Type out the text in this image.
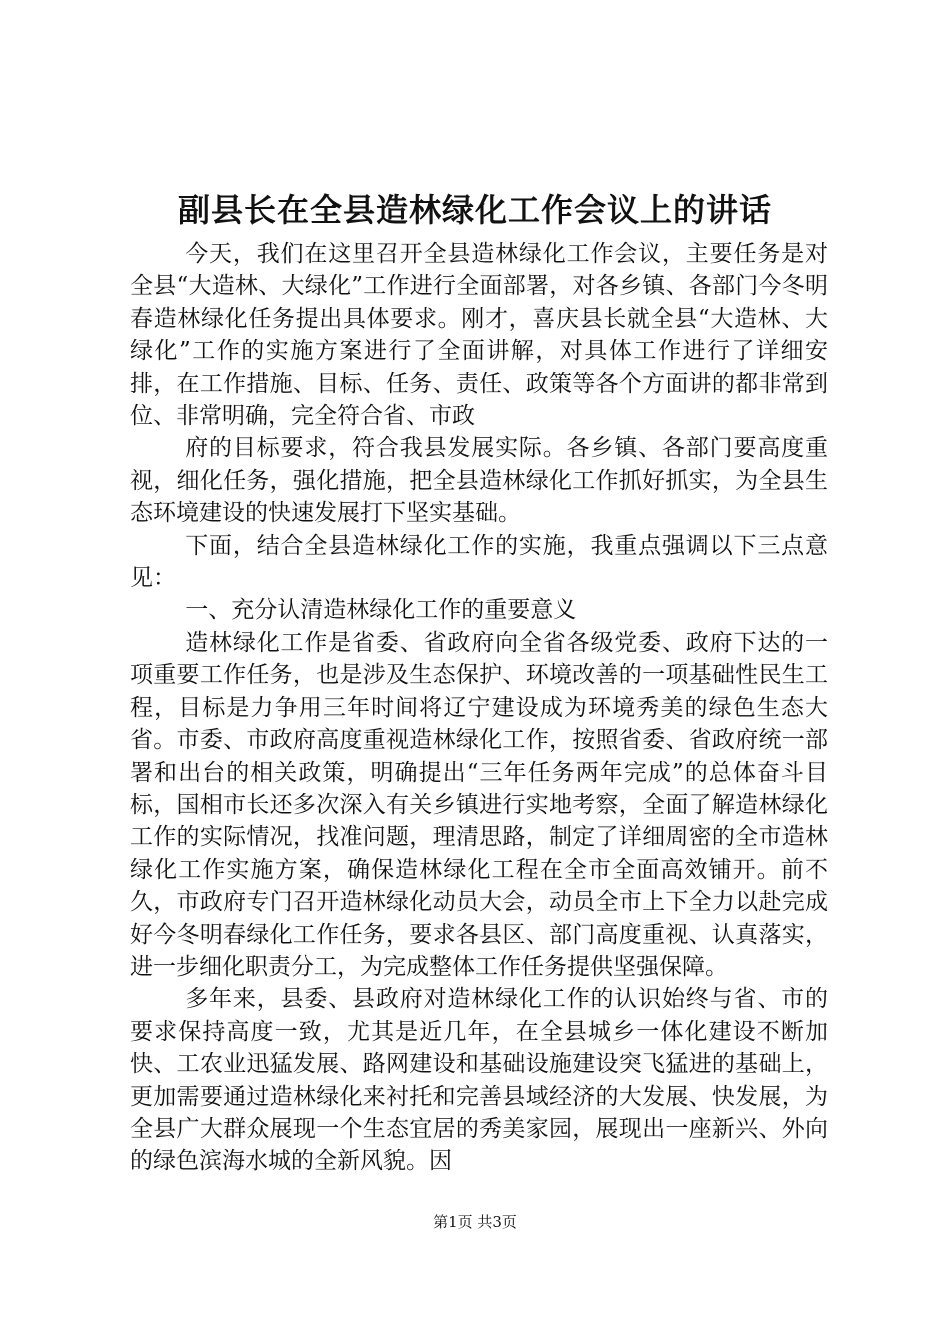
副县长在全县造林绿化工作会议上的讲话

今天，我们在这里召开全县造林绿化工作会议，主要任务是对全县“大造林、大绿化”工作进行全面部署，对各乡镇、各部门今冬明春造林绿化任务提出具体要求。刚才，喜庆县长就全县“大造林、大绿化”工作的实施方案进行了全面讲解，对具体工作进行了详细安排，在工作措施、目标、任务、责任、政策等各个方面讲的都非常到位、非常明确，完全符合省、市政

府的目标要求，符合我县发展实际。各乡镇、各部门要高度重视，细化任务，强化措施，把全县造林绿化工作抓好抓实，为全县生态环境建设的快速发展打下坚实基础。

下面，结合全县造林绿化工作的实施，我重点强调以下三点意见：

一、充分认清造林绿化工作的重要意义

造林绿化工作是省委、省政府向全省各级党委、政府下达的一项重要工作任务，也是涉及生态保护、环境改善的一项基础性民生工程，目标是力争用三年时间将辽宁建设成为环境秀美的绿色生态大省。市委、市政府高度重视造林绿化工作，按照省委、省政府统一部署和出台的相关政策，明确提出“三年任务两年完成”的总体奋斗目标，国相市长还多次深入有关乡镇进行实地考察，全面了解造林绿化工作的实际情况，找准问题，理清思路，制定了详细周密的全市造林绿化工作实施方案，确保造林绿化工程在全市全面高效铺开。前不久，市政府专门召开造林绿化动员大会，动员全市上下全力以赴完成好今冬明春绿化工作任务，要求各县区、部门高度重视、认真落实，进一步细化职责分工，为完成整体工作任务提供坚强保障。

多年来，县委、县政府对造林绿化工作的认识始终与省、市的要求保持高度一致，尤其是近几年，在全县城乡一体化建设不断加快、工农业迅猛发展、路网建设和基础设施建设突飞猛进的基础上，更加需要通过造林绿化来衬托和完善县域经济的大发展、快发展，为全县广大群众展现一个生态宜居的秀美家园，展现出一座新兴、外向的绿色滨海水城的全新风貌。因

第1页 共3页
